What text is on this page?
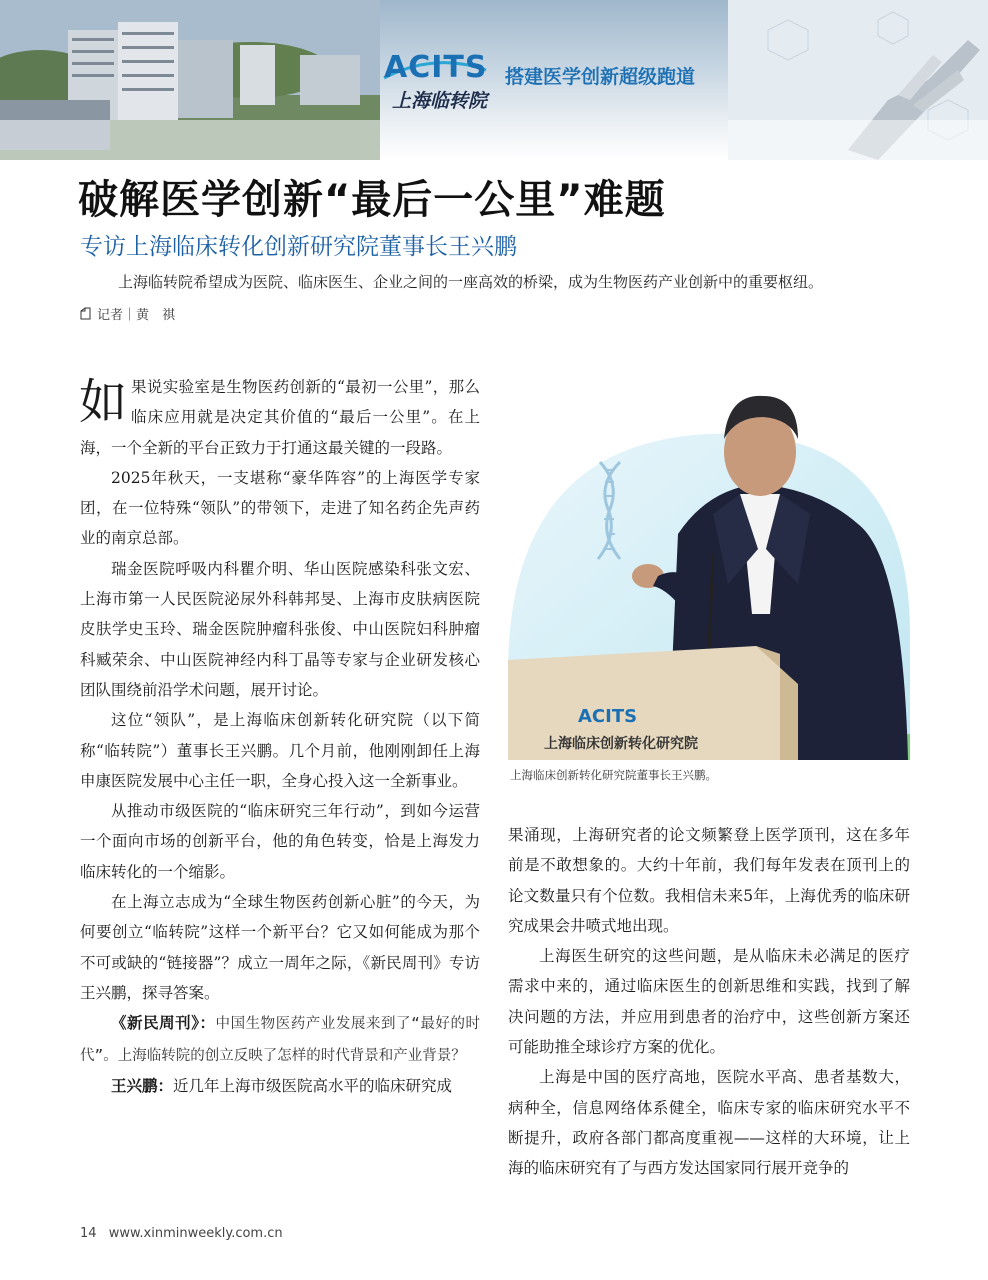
ACITS
上海临转院
搭建医学创新超级跑道
破解医学创新“最后一公里”难题
专访上海临床转化创新研究院董事长王兴鹏
上海临转院希望成为医院、临床医生、企业之间的一座高效的桥梁，成为生物医药产业创新中的重要枢纽。
记者｜黄　祺

如果说实验室是生物医药创新的“最初一公里”，那么临床应用就是决定其价值的“最后一公里”。在上海，一个全新的平台正致力于打通这最关键的一段路。

2025年秋天，一支堪称“豪华阵容”的上海医学专家团，在一位特殊“领队”的带领下，走进了知名药企先声药业的南京总部。

瑞金医院呼吸内科瞿介明、华山医院感染科张文宏、上海市第一人民医院泌尿外科韩邦旻、上海市皮肤病医院皮肤学史玉玲、瑞金医院肿瘤科张俊、中山医院妇科肿瘤科臧荣余、中山医院神经内科丁晶等专家与企业研发核心团队围绕前沿学术问题，展开讨论。

这位“领队”，是上海临床创新转化研究院（以下简称“临转院”）董事长王兴鹏。几个月前，他刚刚卸任上海申康医院发展中心主任一职，全身心投入这一全新事业。

从推动市级医院的“临床研究三年行动”，到如今运营一个面向市场的创新平台，他的角色转变，恰是上海发力临床转化的一个缩影。

在上海立志成为“全球生物医药创新心脏”的今天，为何要创立“临转院”这样一个新平台？它又如何能成为那个不可或缺的“链接器”？成立一周年之际，《新民周刊》专访王兴鹏，探寻答案。

《新民周刊》：中国生物医药产业发展来到了“最好的时代”。上海临转院的创立反映了怎样的时代背景和产业背景？

王兴鹏：近几年上海市级医院高水平的临床研究成

ACITS
上海临床创新转化研究院
上海临床创新转化研究院董事长王兴鹏。

果涌现，上海研究者的论文频繁登上医学顶刊，这在多年前是不敢想象的。大约十年前，我们每年发表在顶刊上的论文数量只有个位数。我相信未来5年，上海优秀的临床研究成果会井喷式地出现。

上海医生研究的这些问题，是从临床未必满足的医疗需求中来的，通过临床医生的创新思维和实践，找到了解决问题的方法，并应用到患者的治疗中，这些创新方案还可能助推全球诊疗方案的优化。

上海是中国的医疗高地，医院水平高、患者基数大，病种全，信息网络体系健全，临床专家的临床研究水平不断提升，政府各部门都高度重视——这样的大环境，让上海的临床研究有了与西方发达国家同行展开竞争的

14 www.xinminweekly.com.cn
